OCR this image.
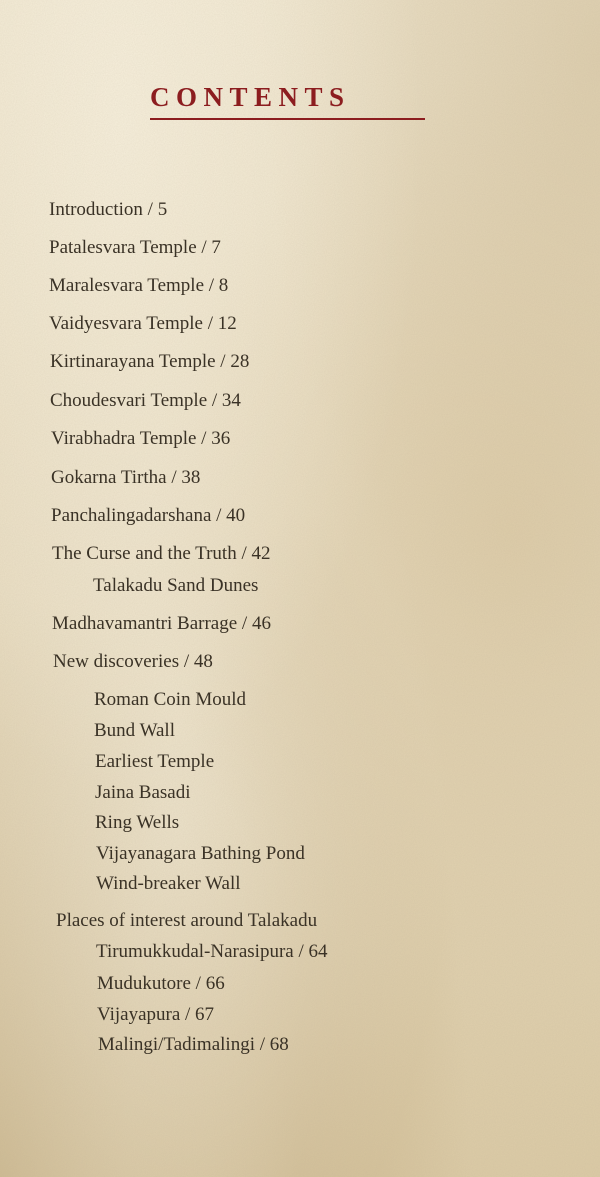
CONTENTS

Introduction / 5

Patalesvara Temple / 7

Maralesvara Temple / 8

Vaidyesvara Temple / 12

Kirtinarayana Temple / 28

Choudesvari Temple / 34

Virabhadra Temple / 36

Gokarna Tirtha / 38

Panchalingadarshana / 40

The Curse and the Truth / 42

Talakadu Sand Dunes

Madhavamantri Barrage / 46

New discoveries / 48

Roman Coin Mould

Bund Wall

Earliest Temple

Jaina Basadi

Ring Wells

Vijayanagara Bathing Pond

Wind-breaker Wall

Places of interest around Talakadu

Tirumukkudal-Narasipura / 64

Mudukutore / 66

Vijayapura / 67

Malingi/Tadimalingi / 68
